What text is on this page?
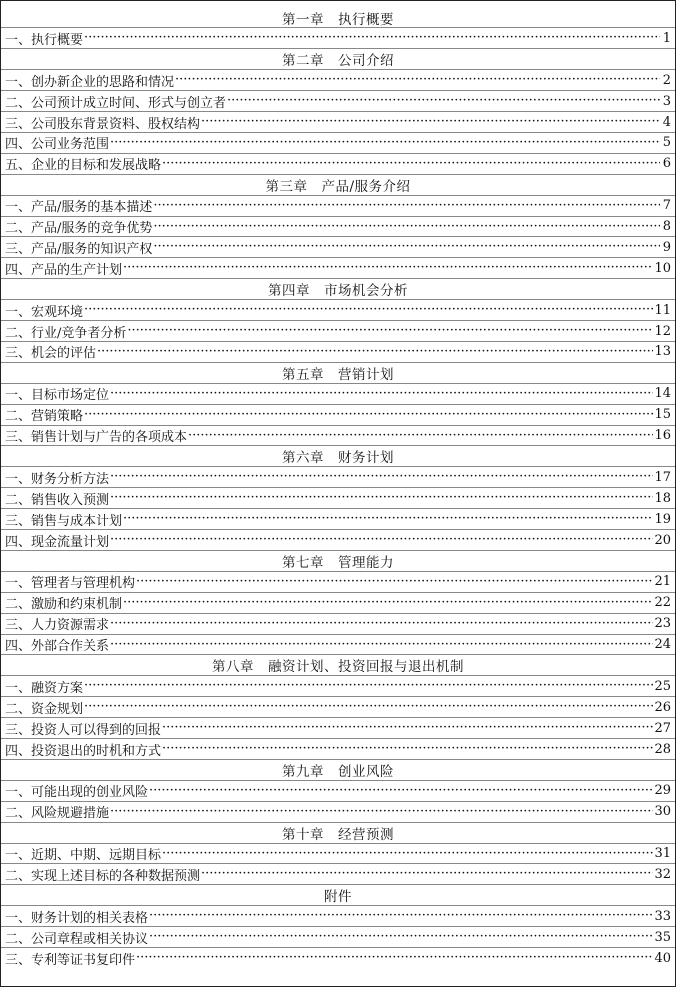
第一章　执行概要
一、执行概要 ·····	1
第二章　公司介绍
一、创办新企业的思路和情况 ·····	2
二、公司预计成立时间、形式与创立者 ·····	3
三、公司股东背景资料、股权结构 ·····	4
四、公司业务范围 ·····	5
五、企业的目标和发展战略 ·····	6
第三章　产品/服务介绍
一、产品/服务的基本描述 ·····	7
二、产品/服务的竞争优势 ·····	8
三、产品/服务的知识产权 ·····	9
四、产品的生产计划 ·····	10
第四章　市场机会分析
一、宏观环境 ·····	11
二、行业/竞争者分析 ·····	12
三、机会的评估 ·····	13
第五章　营销计划
一、目标市场定位 ·····	14
二、营销策略 ·····	15
三、销售计划与广告的各项成本 ·····	16
第六章　财务计划
一、财务分析方法 ·····	17
二、销售收入预测 ·····	18
三、销售与成本计划 ·····	19
四、现金流量计划 ·····	20
第七章　管理能力
一、管理者与管理机构 ·····	21
二、激励和约束机制 ·····	22
三、人力资源需求 ·····	23
四、外部合作关系 ·····	24
第八章　融资计划、投资回报与退出机制
一、融资方案 ·····	25
二、资金规划 ·····	26
三、投资人可以得到的回报 ·····	27
四、投资退出的时机和方式 ·····	28
第九章　创业风险
一、可能出现的创业风险 ·····	29
二、风险规避措施 ·····	30
第十章　经营预测
一、近期、中期、远期目标 ·····	31
二、实现上述目标的各种数据预测 ·····	32
附件
一、财务计划的相关表格 ·····	33
二、公司章程或相关协议 ·····	35
三、专利等证书复印件 ·····	40
